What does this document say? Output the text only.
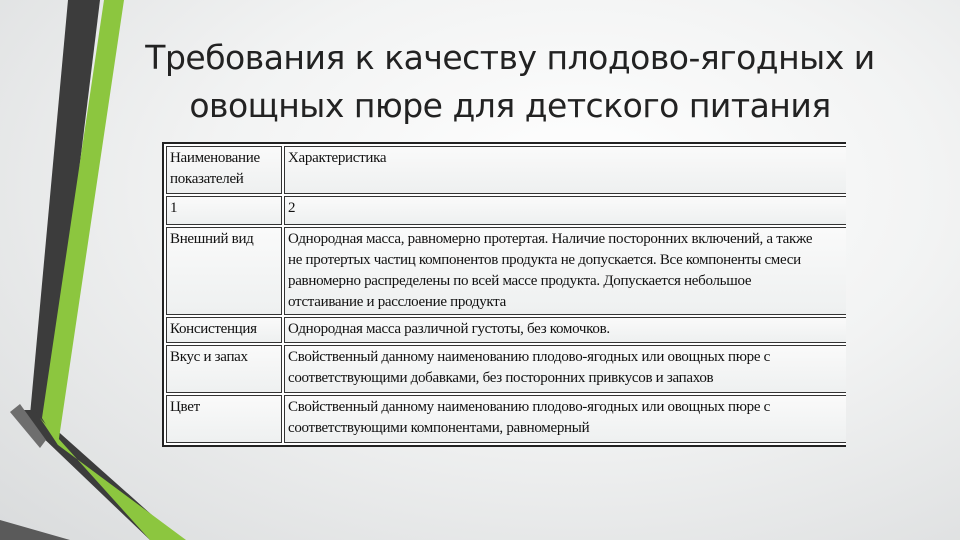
Требования к качеству плодово-ягодных и
овощных пюре для детского питания
Наименование показателей	Характеристика
1	2
Внешний вид	Однородная масса, равномерно протертая. Наличие посторонних включений, а также
не протертых частиц компонентов продукта не допускается. Все компоненты смеси
равномерно распределены по всей массе продукта. Допускается небольшое
отстаивание и расслоение продукта

Консистенция	Однородная масса различной густоты, без комочков.

Вкус и запах	Свойственный данному наименованию плодово-ягодных или овощных пюре с
соответствующими добавками, без посторонних привкусов и запахов

Цвет	Свойственный данному наименованию плодово-ягодных или овощных пюре с
соответствующими компонентами, равномерный
